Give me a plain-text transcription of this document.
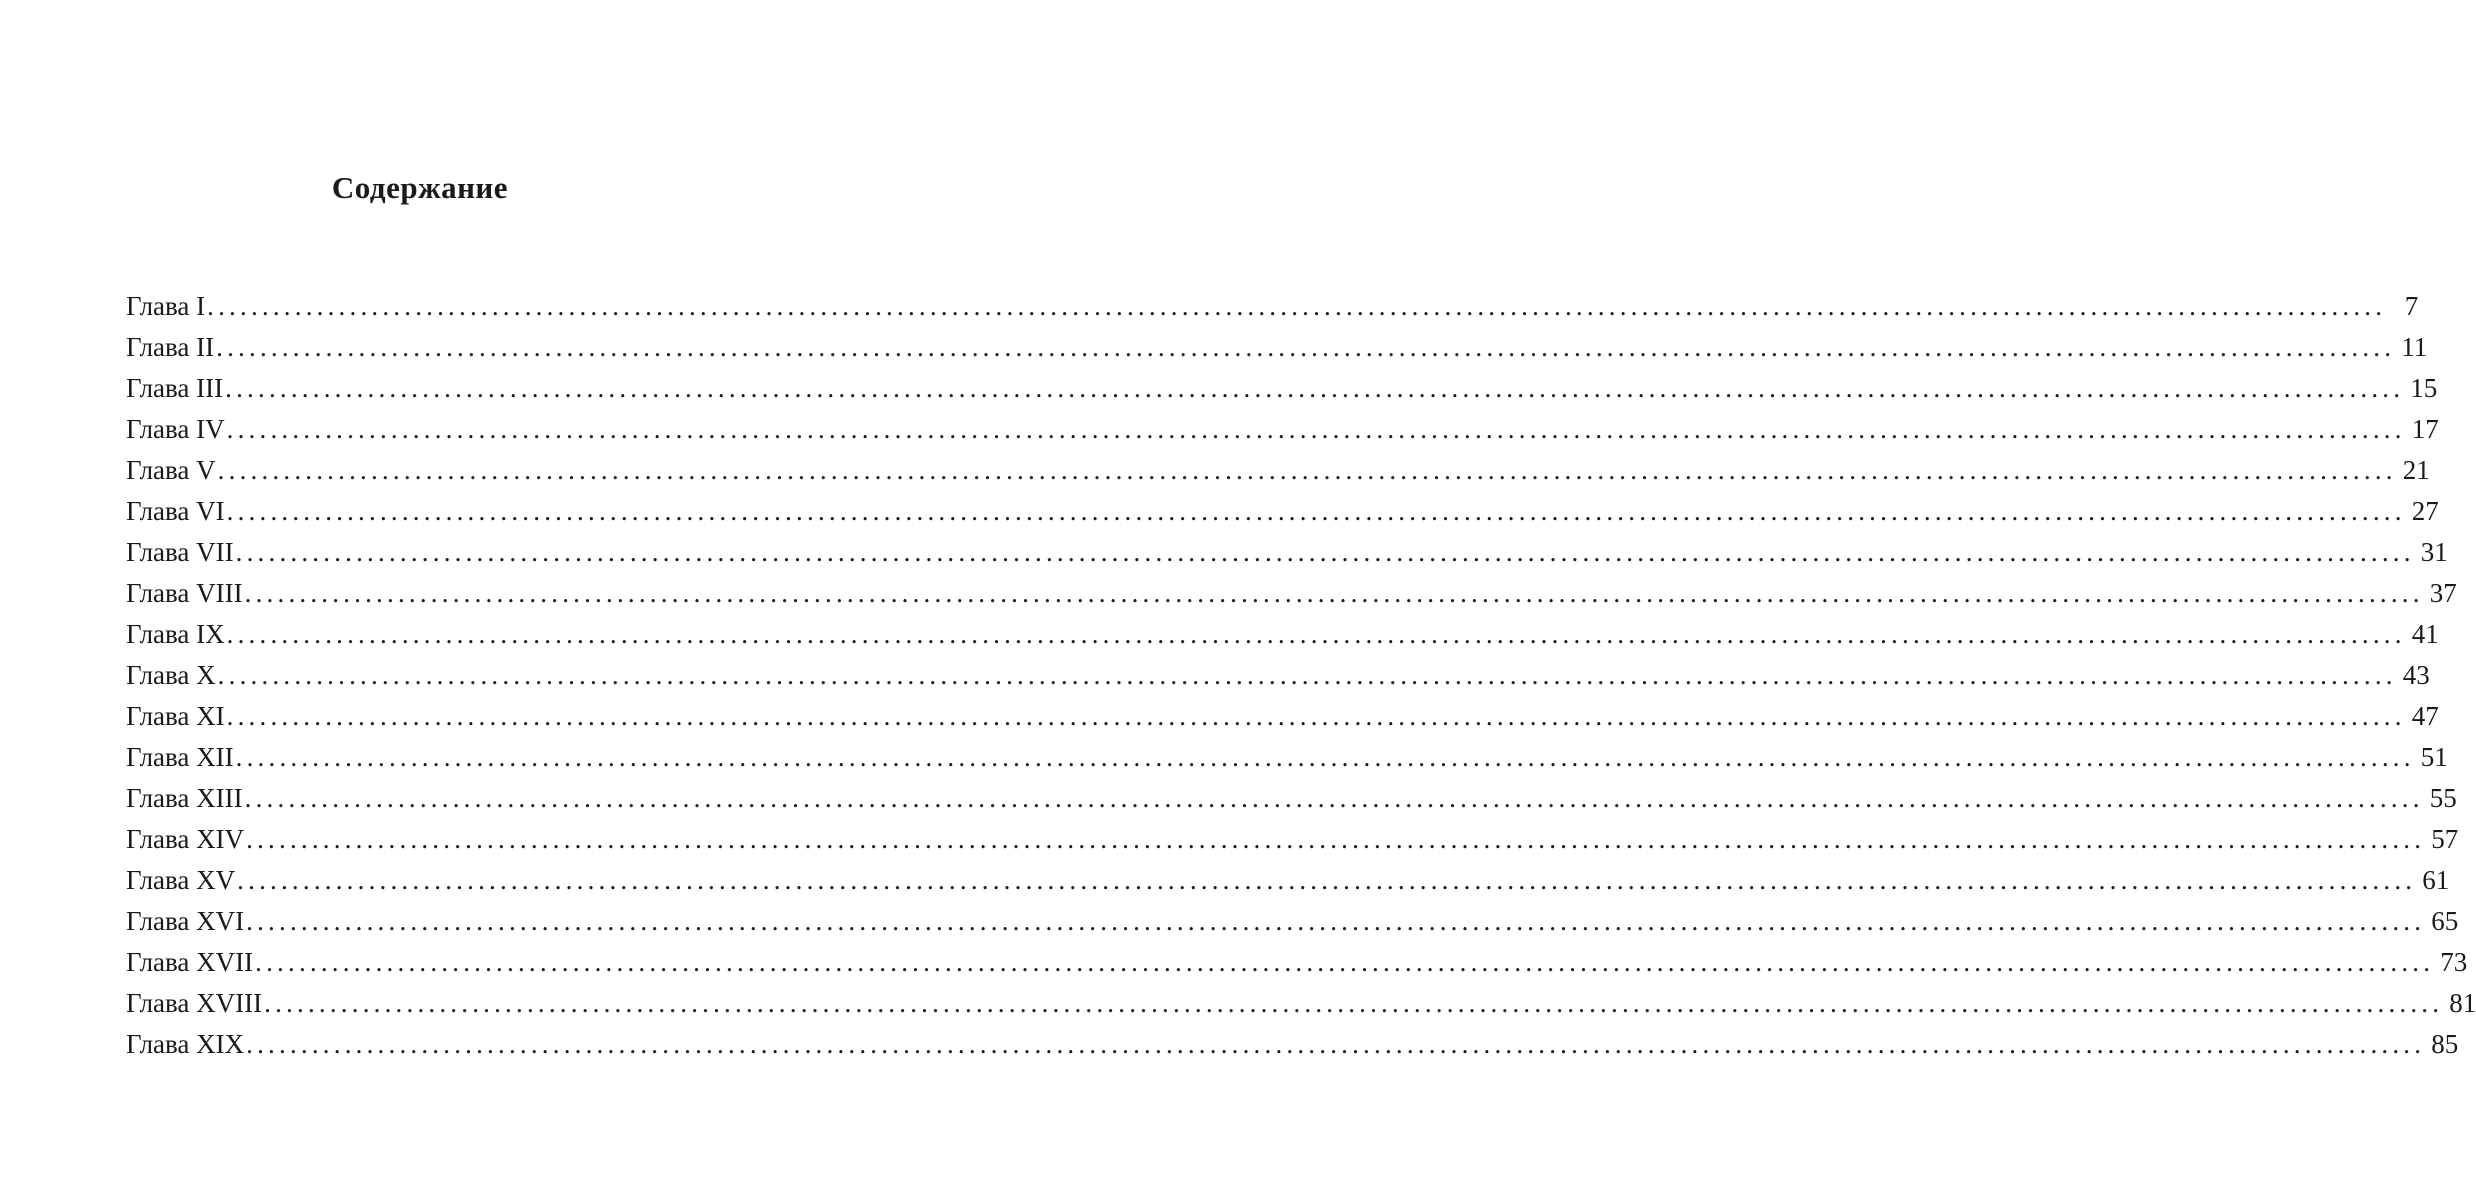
Содержание
Глава I ....................................................................................................................................................................................................... 7
Глава II ....................................................................................................................................................................................................... 11
Глава III ....................................................................................................................................................................................................... 15
Глава IV ....................................................................................................................................................................................................... 17
Глава V ....................................................................................................................................................................................................... 21
Глава VI ....................................................................................................................................................................................................... 27
Глава VII ....................................................................................................................................................................................................... 31
Глава VIII ....................................................................................................................................................................................................... 37
Глава IX ....................................................................................................................................................................................................... 41
Глава X ....................................................................................................................................................................................................... 43
Глава XI ....................................................................................................................................................................................................... 47
Глава XII ....................................................................................................................................................................................................... 51
Глава XIII ....................................................................................................................................................................................................... 55
Глава XIV ....................................................................................................................................................................................................... 57
Глава XV ....................................................................................................................................................................................................... 61
Глава XVI ....................................................................................................................................................................................................... 65
Глава XVII ....................................................................................................................................................................................................... 73
Глава XVIII ....................................................................................................................................................................................................... 81
Глава XIX ....................................................................................................................................................................................................... 85
